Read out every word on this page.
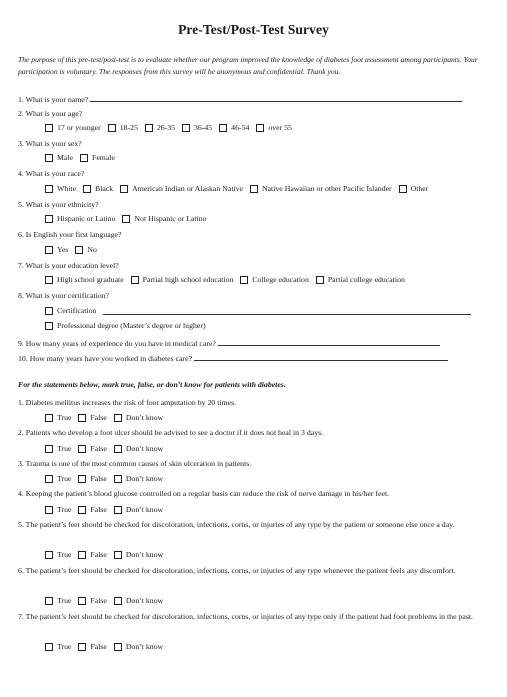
Pre-Test/Post-Test Survey
The purpose of this pre-test/post-test is to evaluate whether our program improved the knowledge of diabetes foot assessment among participants. Your participation is voluntary. The responses from this survey will be anonymous and confidential. Thank you.
1. What is your name?
2. What is your age?
17 or younger
18-25
26-35
36-45
46-54
over 55
3. What is your sex?
Male
Female
4. What is your race?
White
Black
American Indian or Alaskan Native
Native Hawaiian or other Pacific Islander
Other
5. What is your ethnicity?
Hispanic or Latino
Not Hispanic or Latino
6. Is English your first language?
Yes
No
7. What is your education level?
High school graduate
Partial high school education
College education
Partial college education
8. What is your certification?
Certification

Professional degree (Master’s degree or higher)
9. How many years of experience do you have in medical care?
10. How many years have you worked in diabetes care?
For the statements below, mark true, false, or don’t know for patients with diabetes.
1. Diabetes mellitus increases the risk of foot amputation by 20 times.
True
False
Don’t know
2. Patients who develop a foot ulcer should be advised to see a doctor if it does not heal in 3 days.
True
False
Don’t know
3. Trauma is one of the most common causes of skin ulceration in patients.
True
False
Don’t know
4. Keeping the patient’s blood glucose controlled on a regular basis can reduce the risk of nerve damage in his/her feet.
True
False
Don’t know
5. The patient’s feet should be checked for discoloration, infections, corns, or injuries of any type by the patient or someone else once a day.
True
False
Don’t know
6. The patient’s feet should be checked for discoloration, infections, corns, or injuries of any type whenever the patient feels any discomfort.
True
False
Don’t know
7. The patient’s feet should be checked for discoloration, infections, corns, or injuries of any type only if the patient had foot problems in the past.
True
False
Don’t know
